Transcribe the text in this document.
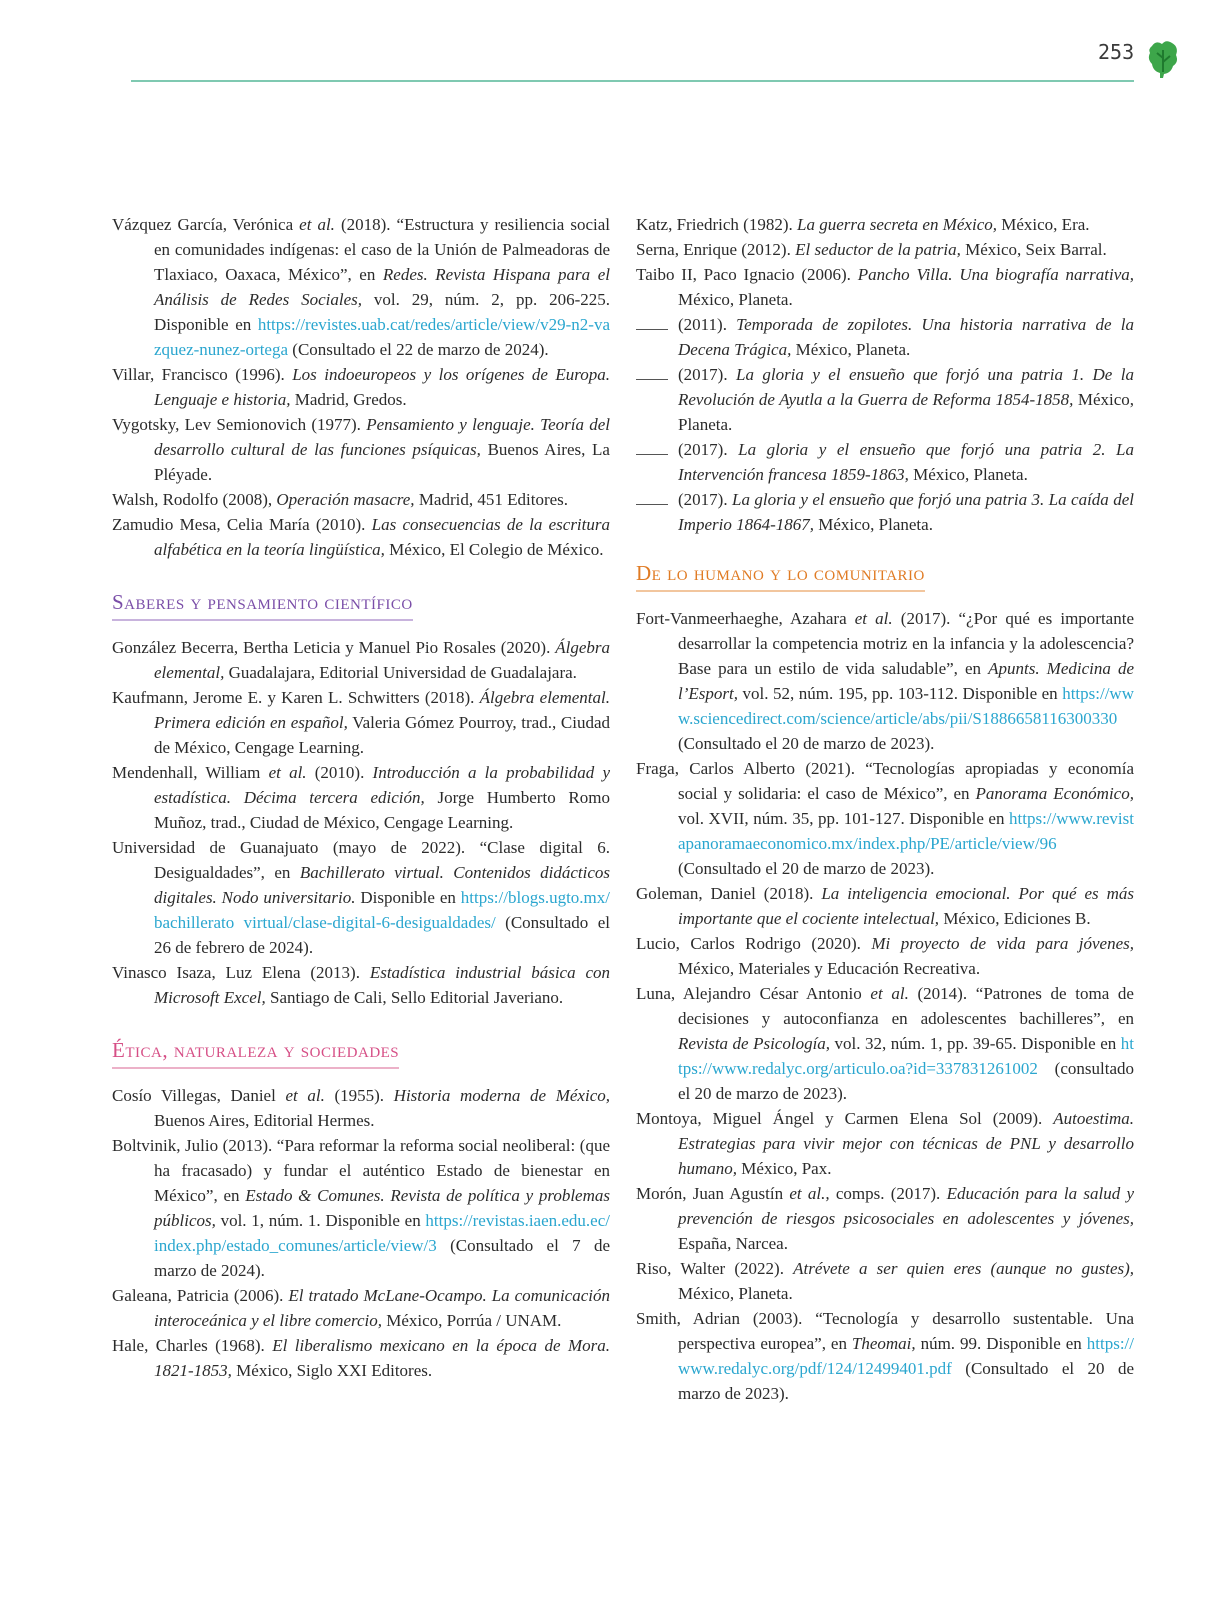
253

Vázquez García, Verónica et al. (2018). “Estructura y resiliencia social en comunidades indígenas: el caso de la Unión de Palmeadoras de Tlaxiaco, Oaxaca, México”, en Redes. Revista Hispana para el Análisis de Redes Sociales, vol. 29, núm. 2, pp. 206-225. Disponible en https://revistes.uab.cat/redes/article/view/v29-n2-vazquez-nunez-ortega (Consultado el 22 de marzo de 2024).

Villar, Francisco (1996). Los indoeuropeos y los orígenes de Europa. Lenguaje e historia, Madrid, Gredos.

Vygotsky, Lev Semionovich (1977). Pensamiento y lenguaje. Teoría del desarrollo cultural de las funciones psíquicas, Buenos Aires, La Pléyade.

Walsh, Rodolfo (2008), Operación masacre, Madrid, 451 Editores.

Zamudio Mesa, Celia María (2010). Las consecuencias de la escritura alfabética en la teoría lingüística, México, El Colegio de México.

Saberes y pensamiento científico

González Becerra, Bertha Leticia y Manuel Pio Rosales (2020). Álgebra elemental, Guadalajara, Editorial Universidad de Guadalajara.

Kaufmann, Jerome E. y Karen L. Schwitters (2018). Álgebra elemental. Primera edición en español, Valeria Gómez Pourroy, trad., Ciudad de México, Cengage Learning.

Mendenhall, William et al. (2010). Introducción a la probabilidad y estadística. Décima tercera edición, Jorge Humberto Romo Muñoz, trad., Ciudad de México, Cengage Learning.

Universidad de Guanajuato (mayo de 2022). “Clase digital 6. Desigualdades”, en Bachillerato virtual. Contenidos didácticos digitales. Nodo universitario. Disponible en https://blogs.ugto.mx/bachillerato virtual/clase-digital-6-desigualdades/ (Consultado el 26 de febrero de 2024).

Vinasco Isaza, Luz Elena (2013). Estadística industrial básica con Microsoft Excel, Santiago de Cali, Sello Editorial Javeriano.

Ética, naturaleza y sociedades

Cosío Villegas, Daniel et al. (1955). Historia moderna de México, Buenos Aires, Editorial Hermes.

Boltvinik, Julio (2013). “Para reformar la reforma social neoliberal: (que ha fracasado) y fundar el auténtico Estado de bienestar en México”, en Estado & Comunes. Revista de política y problemas públicos, vol. 1, núm. 1. Disponible en https://revistas.iaen.edu.ec/index.php/estado_comunes/article/view/3 (Consultado el 7 de marzo de 2024).

Galeana, Patricia (2006). El tratado McLane-Ocampo. La comunicación interoceánica y el libre comercio, México, Porrúa / UNAM.

Hale, Charles (1968). El liberalismo mexicano en la época de Mora. 1821-1853, México, Siglo XXI Editores.

Katz, Friedrich (1982). La guerra secreta en México, México, Era.

Serna, Enrique (2012). El seductor de la patria, México, Seix Barral.

Taibo II, Paco Ignacio (2006). Pancho Villa. Una biografía narrativa, México, Planeta.

(2011). Temporada de zopilotes. Una historia narrativa de la Decena Trágica, México, Planeta.

(2017). La gloria y el ensueño que forjó una patria 1. De la Revolución de Ayutla a la Guerra de Reforma 1854-1858, México, Planeta.

(2017). La gloria y el ensueño que forjó una patria 2. La Intervención francesa 1859-1863, México, Planeta.

(2017). La gloria y el ensueño que forjó una patria 3. La caída del Imperio 1864-1867, México, Planeta.

De lo humano y lo comunitario

Fort-Vanmeerhaeghe, Azahara et al. (2017). “¿Por qué es importante desarrollar la competencia motriz en la infancia y la adolescencia? Base para un estilo de vida saludable”, en Apunts. Medicina de l’Esport, vol. 52, núm. 195, pp. 103-112. Disponible en https://www.sciencedirect.com/science/article/abs/pii/S1886658116300330 (Consultado el 20 de marzo de 2023).

Fraga, Carlos Alberto (2021). “Tecnologías apropiadas y economía social y solidaria: el caso de México”, en Panorama Económico, vol. XVII, núm. 35, pp. 101-127. Disponible en https://www.revistapanoramaeconomico.mx/index.php/PE/article/view/96 (Consultado el 20 de marzo de 2023).

Goleman, Daniel (2018). La inteligencia emocional. Por qué es más importante que el cociente intelectual, México, Ediciones B.

Lucio, Carlos Rodrigo (2020). Mi proyecto de vida para jóvenes, México, Materiales y Educación Recreativa.

Luna, Alejandro César Antonio et al. (2014). “Patrones de toma de decisiones y autoconfianza en adolescentes bachilleres”, en Revista de Psicología, vol. 32, núm. 1, pp. 39-65. Disponible en https://www.redalyc.org/articulo.oa?id=337831261002 (consultado el 20 de marzo de 2023).

Montoya, Miguel Ángel y Carmen Elena Sol (2009). Autoestima. Estrategias para vivir mejor con técnicas de PNL y desarrollo humano, México, Pax.

Morón, Juan Agustín et al., comps. (2017). Educación para la salud y prevención de riesgos psicosociales en adolescentes y jóvenes, España, Narcea.

Riso, Walter (2022). Atrévete a ser quien eres (aunque no gustes), México, Planeta.

Smith, Adrian (2003). “Tecnología y desarrollo sustentable. Una perspectiva europea”, en Theomai, núm. 99. Disponible en https://www.redalyc.org/pdf/124/12499401.pdf (Consultado el 20 de marzo de 2023).
